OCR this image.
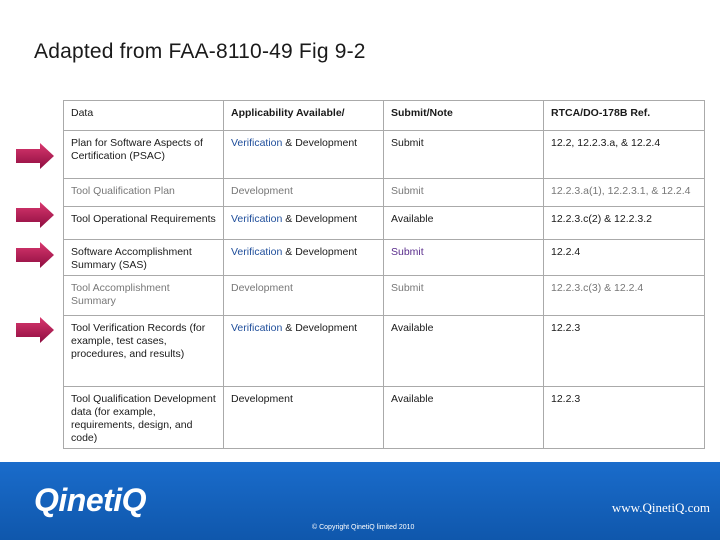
Adapted from FAA-8110-49 Fig 9-2
Data	Applicability Available/	Submit/Note	RTCA/DO-178B Ref.
Plan for Software Aspects of Certification (PSAC)	Verification & Development	Submit	12.2, 12.2.3.a, & 12.2.4
Tool Qualification Plan	Development	Submit	12.2.3.a(1), 12.2.3.1, & 12.2.4
Tool Operational Requirements	Verification & Development	Available	12.2.3.c(2) & 12.2.3.2
Software Accomplishment Summary (SAS)	Verification & Development	Submit	12.2.4
Tool Accomplishment Summary	Development	Submit	12.2.3.c(3) & 12.2.4
Tool Verification Records (for example, test cases, procedures, and results)	Verification & Development	Available	12.2.3
Tool Qualification Development data (for example, requirements, design, and code)	Development	Available	12.2.3
QinetiQ	www.QinetiQ.com
© Copyright QinetiQ limited 2010
